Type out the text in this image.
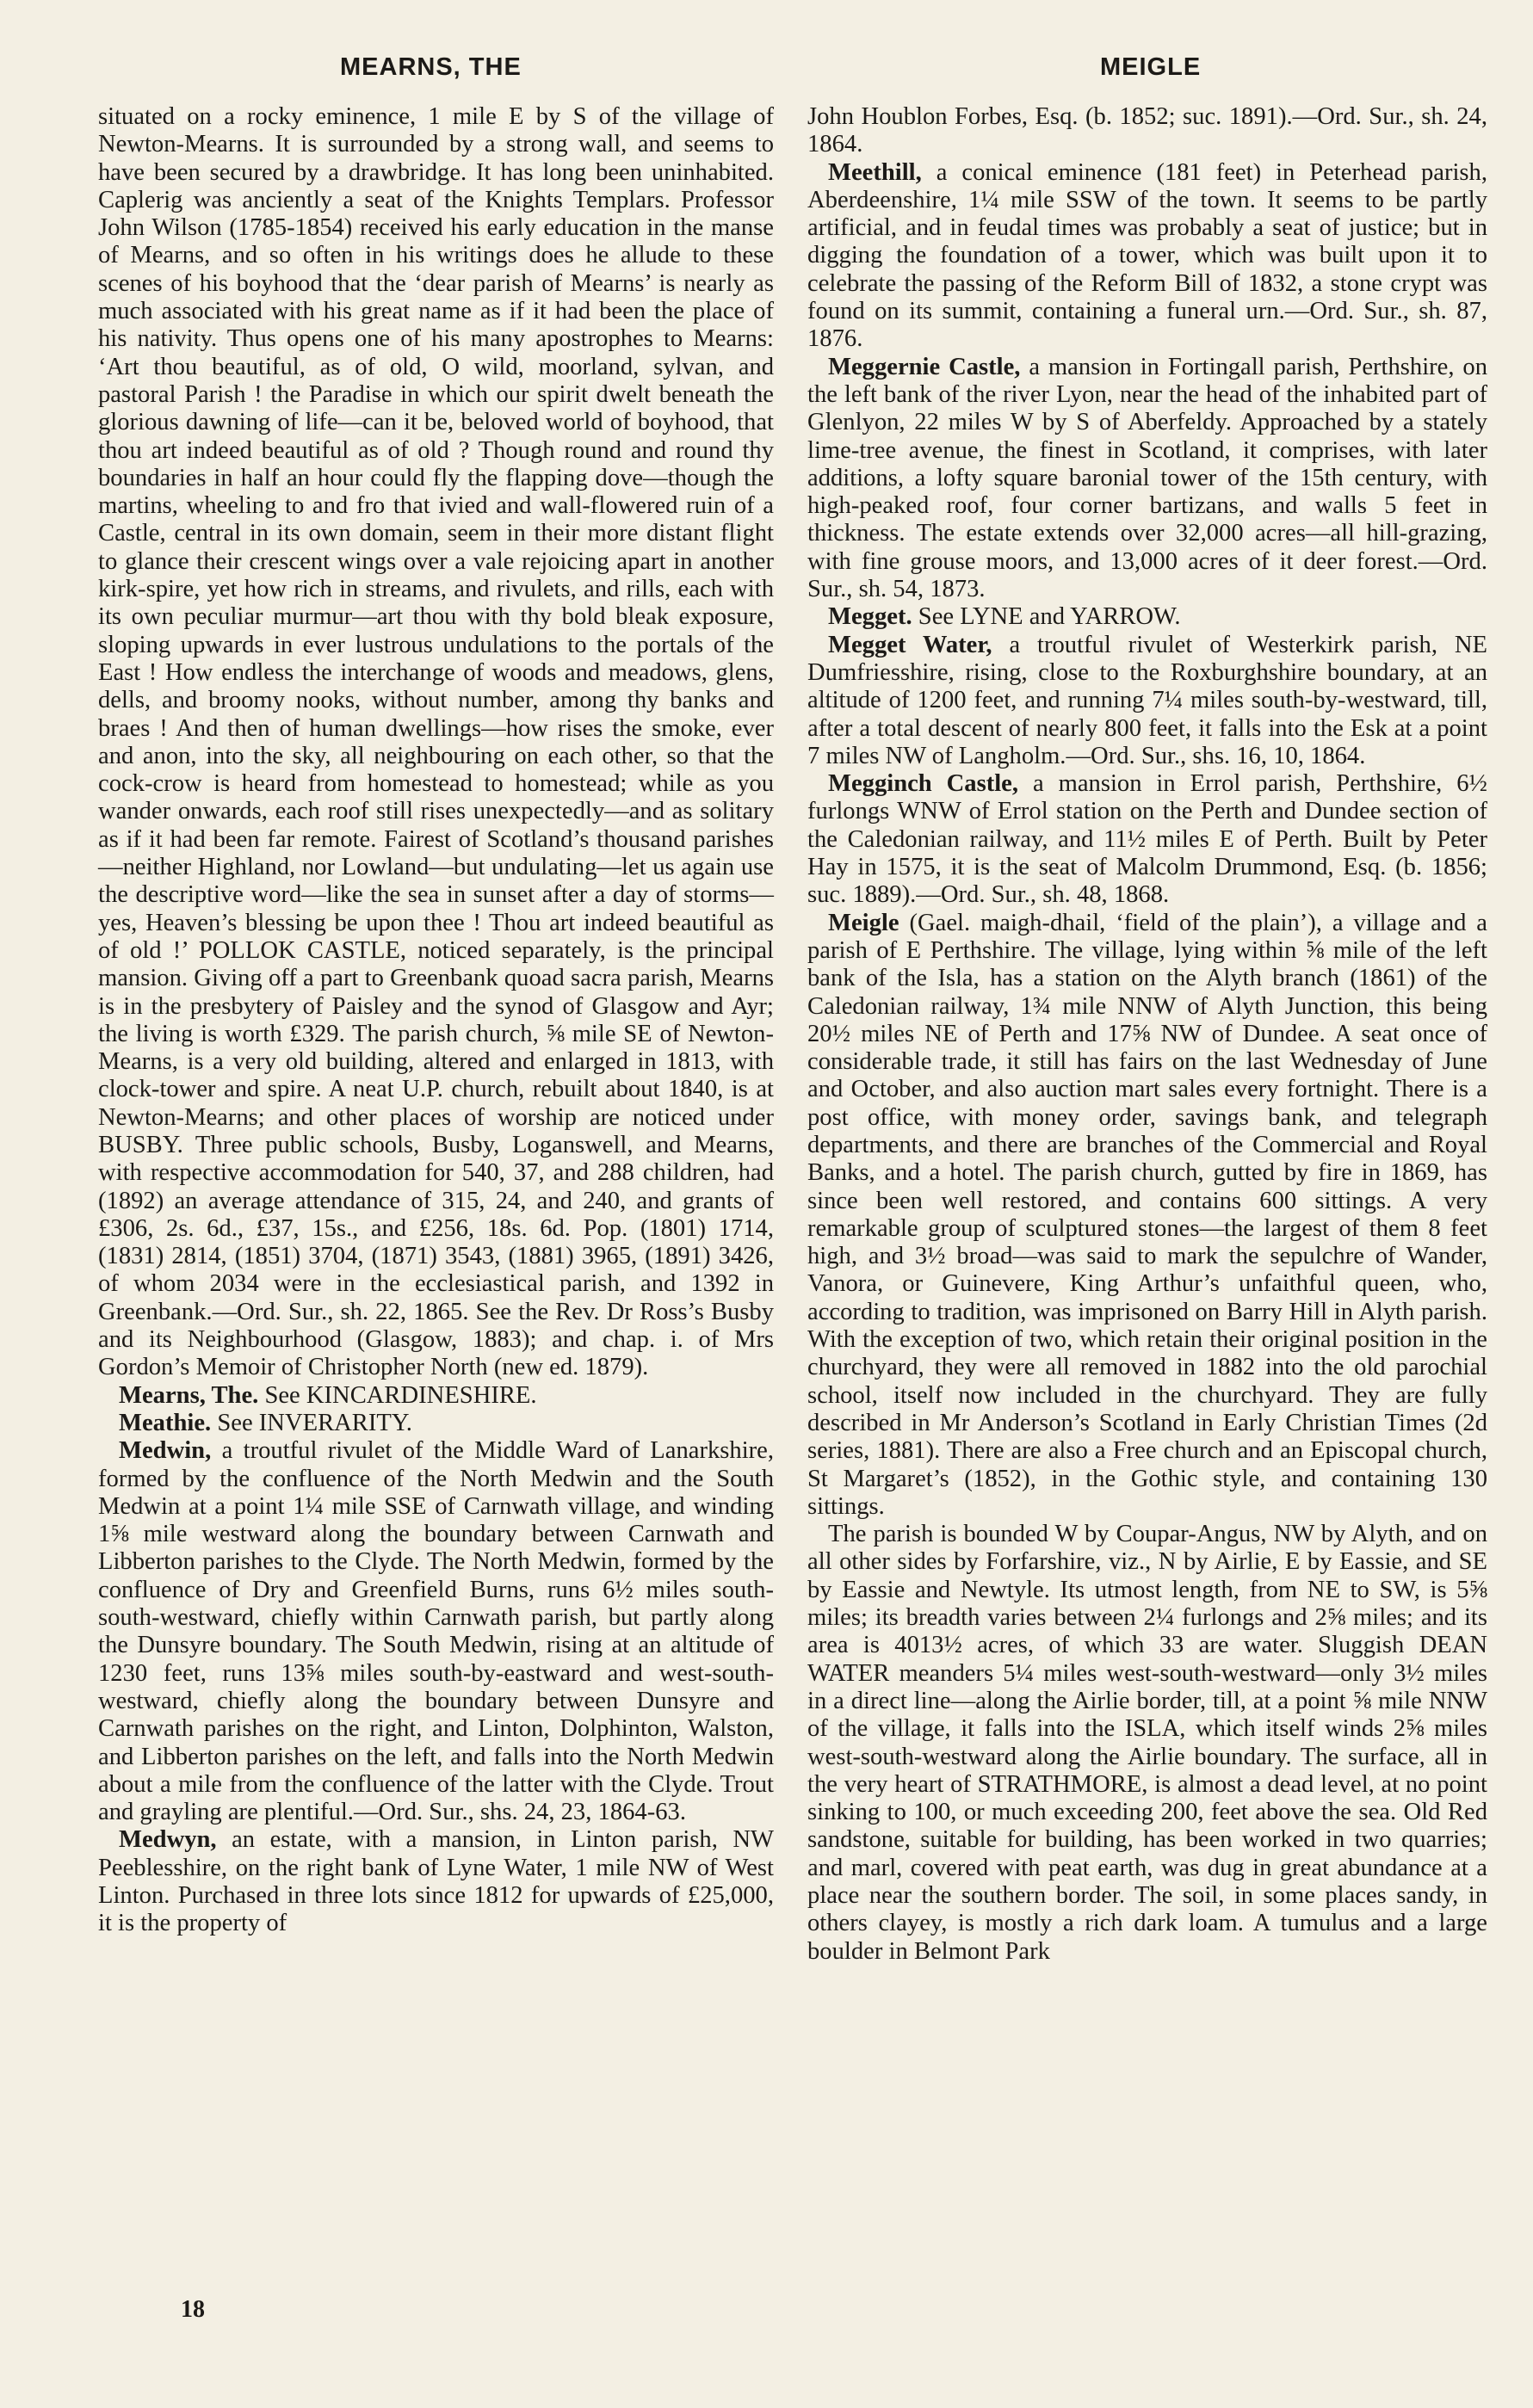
MEARNS, THE	MEIGLE

situated on a rocky eminence, 1 mile E by S of the village of Newton-Mearns. It is surrounded by a strong wall, and seems to have been secured by a drawbridge. It has long been uninhabited. Caplerig was anciently a seat of the Knights Templars. Professor John Wilson (1785-1854) received his early education in the manse of Mearns, and so often in his writings does he allude to these scenes of his boyhood that the ‘dear parish of Mearns’ is nearly as much associated with his great name as if it had been the place of his nativity. Thus opens one of his many apostrophes to Mearns: ‘Art thou beautiful, as of old, O wild, moorland, sylvan, and pastoral Parish ! the Paradise in which our spirit dwelt beneath the glorious dawning of life—can it be, beloved world of boyhood, that thou art indeed beautiful as of old ? Though round and round thy boundaries in half an hour could fly the flapping dove—though the martins, wheeling to and fro that ivied and wall-flowered ruin of a Castle, central in its own domain, seem in their more distant flight to glance their crescent wings over a vale rejoicing apart in another kirk-spire, yet how rich in streams, and rivulets, and rills, each with its own peculiar murmur—art thou with thy bold bleak exposure, sloping upwards in ever lustrous undulations to the portals of the East ! How endless the interchange of woods and meadows, glens, dells, and broomy nooks, without number, among thy banks and braes ! And then of human dwellings—how rises the smoke, ever and anon, into the sky, all neighbouring on each other, so that the cock-crow is heard from homestead to homestead; while as you wander onwards, each roof still rises unexpectedly—and as solitary as if it had been far remote. Fairest of Scotland’s thousand parishes—neither Highland, nor Lowland—but undulating—let us again use the descriptive word—like the sea in sunset after a day of storms—yes, Heaven’s blessing be upon thee ! Thou art indeed beautiful as of old !’ POLLOK CASTLE, noticed separately, is the principal mansion. Giving off a part to Greenbank quoad sacra parish, Mearns is in the presbytery of Paisley and the synod of Glasgow and Ayr; the living is worth £329. The parish church, ⅝ mile SE of Newton-Mearns, is a very old building, altered and enlarged in 1813, with clock-tower and spire. A neat U.P. church, rebuilt about 1840, is at Newton-Mearns; and other places of worship are noticed under BUSBY. Three public schools, Busby, Loganswell, and Mearns, with respective accommodation for 540, 37, and 288 children, had (1892) an average attendance of 315, 24, and 240, and grants of £306, 2s. 6d., £37, 15s., and £256, 18s. 6d. Pop. (1801) 1714, (1831) 2814, (1851) 3704, (1871) 3543, (1881) 3965, (1891) 3426, of whom 2034 were in the ecclesiastical parish, and 1392 in Greenbank.—Ord. Sur., sh. 22, 1865. See the Rev. Dr Ross’s Busby and its Neighbourhood (Glasgow, 1883); and chap. i. of Mrs Gordon’s Memoir of Christopher North (new ed. 1879).

Mearns, The. See KINCARDINESHIRE.

Meathie. See INVERARITY.

Medwin, a troutful rivulet of the Middle Ward of Lanarkshire, formed by the confluence of the North Medwin and the South Medwin at a point 1¼ mile SSE of Carnwath village, and winding 1⅝ mile westward along the boundary between Carnwath and Libberton parishes to the Clyde. The North Medwin, formed by the confluence of Dry and Greenfield Burns, runs 6½ miles south-south-westward, chiefly within Carnwath parish, but partly along the Dunsyre boundary. The South Medwin, rising at an altitude of 1230 feet, runs 13⅝ miles south-by-eastward and west-south-westward, chiefly along the boundary between Dunsyre and Carnwath parishes on the right, and Linton, Dolphinton, Walston, and Libberton parishes on the left, and falls into the North Medwin about a mile from the confluence of the latter with the Clyde. Trout and grayling are plentiful.—Ord. Sur., shs. 24, 23, 1864-63.

Medwyn, an estate, with a mansion, in Linton parish, NW Peeblesshire, on the right bank of Lyne Water, 1 mile NW of West Linton. Purchased in three lots since 1812 for upwards of £25,000, it is the property of

John Houblon Forbes, Esq. (b. 1852; suc. 1891).—Ord. Sur., sh. 24, 1864.

Meethill, a conical eminence (181 feet) in Peterhead parish, Aberdeenshire, 1¼ mile SSW of the town. It seems to be partly artificial, and in feudal times was probably a seat of justice; but in digging the foundation of a tower, which was built upon it to celebrate the passing of the Reform Bill of 1832, a stone crypt was found on its summit, containing a funeral urn.—Ord. Sur., sh. 87, 1876.

Meggernie Castle, a mansion in Fortingall parish, Perthshire, on the left bank of the river Lyon, near the head of the inhabited part of Glenlyon, 22 miles W by S of Aberfeldy. Approached by a stately lime-tree avenue, the finest in Scotland, it comprises, with later additions, a lofty square baronial tower of the 15th century, with high-peaked roof, four corner bartizans, and walls 5 feet in thickness. The estate extends over 32,000 acres—all hill-grazing, with fine grouse moors, and 13,000 acres of it deer forest.—Ord. Sur., sh. 54, 1873.

Megget. See LYNE and YARROW.

Megget Water, a troutful rivulet of Westerkirk parish, NE Dumfriesshire, rising, close to the Roxburghshire boundary, at an altitude of 1200 feet, and running 7¼ miles south-by-westward, till, after a total descent of nearly 800 feet, it falls into the Esk at a point 7 miles NW of Langholm.—Ord. Sur., shs. 16, 10, 1864.

Megginch Castle, a mansion in Errol parish, Perthshire, 6½ furlongs WNW of Errol station on the Perth and Dundee section of the Caledonian railway, and 11½ miles E of Perth. Built by Peter Hay in 1575, it is the seat of Malcolm Drummond, Esq. (b. 1856; suc. 1889).—Ord. Sur., sh. 48, 1868.

Meigle (Gael. maigh-dhail, ‘field of the plain’), a village and a parish of E Perthshire. The village, lying within ⅝ mile of the left bank of the Isla, has a station on the Alyth branch (1861) of the Caledonian railway, 1¾ mile NNW of Alyth Junction, this being 20½ miles NE of Perth and 17⅝ NW of Dundee. A seat once of considerable trade, it still has fairs on the last Wednesday of June and October, and also auction mart sales every fortnight. There is a post office, with money order, savings bank, and telegraph departments, and there are branches of the Commercial and Royal Banks, and a hotel. The parish church, gutted by fire in 1869, has since been well restored, and contains 600 sittings. A very remarkable group of sculptured stones—the largest of them 8 feet high, and 3½ broad—was said to mark the sepulchre of Wander, Vanora, or Guinevere, King Arthur’s unfaithful queen, who, according to tradition, was imprisoned on Barry Hill in Alyth parish. With the exception of two, which retain their original position in the churchyard, they were all removed in 1882 into the old parochial school, itself now included in the churchyard. They are fully described in Mr Anderson’s Scotland in Early Christian Times (2d series, 1881). There are also a Free church and an Episcopal church, St Margaret’s (1852), in the Gothic style, and containing 130 sittings.

The parish is bounded W by Coupar-Angus, NW by Alyth, and on all other sides by Forfarshire, viz., N by Airlie, E by Eassie, and SE by Eassie and Newtyle. Its utmost length, from NE to SW, is 5⅝ miles; its breadth varies between 2¼ furlongs and 2⅝ miles; and its area is 4013½ acres, of which 33 are water. Sluggish DEAN WATER meanders 5¼ miles west-south-westward—only 3½ miles in a direct line—along the Airlie border, till, at a point ⅝ mile NNW of the village, it falls into the ISLA, which itself winds 2⅝ miles west-south-westward along the Airlie boundary. The surface, all in the very heart of STRATHMORE, is almost a dead level, at no point sinking to 100, or much exceeding 200, feet above the sea. Old Red sandstone, suitable for building, has been worked in two quarries; and marl, covered with peat earth, was dug in great abundance at a place near the southern border. The soil, in some places sandy, in others clayey, is mostly a rich dark loam. A tumulus and a large boulder in Belmont Park

18
